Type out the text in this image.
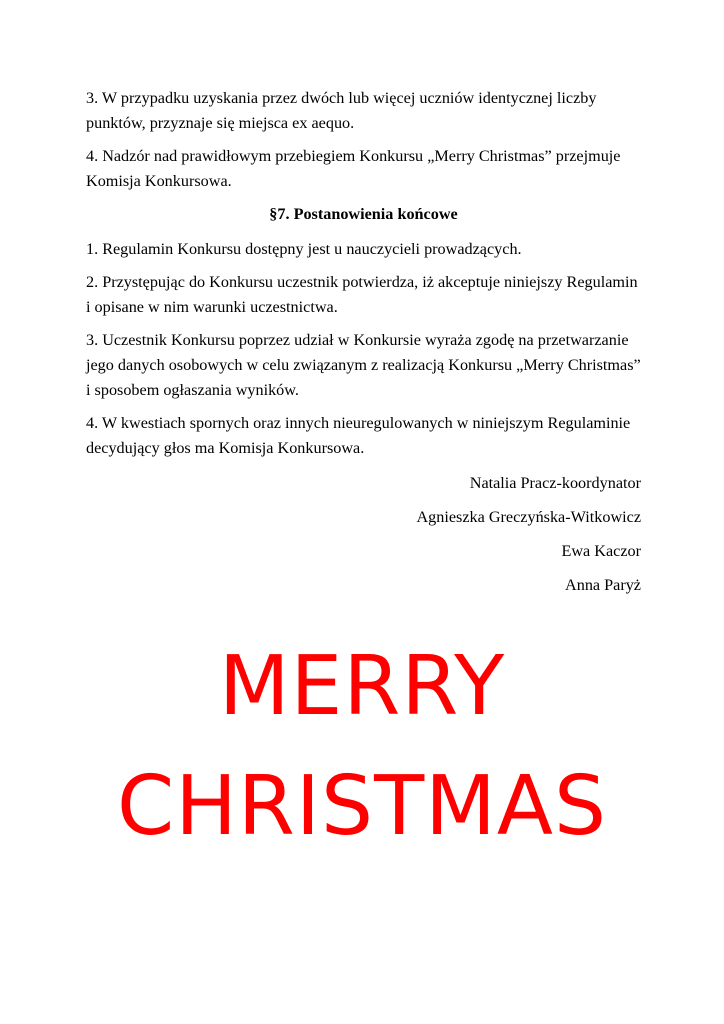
3. W przypadku uzyskania przez dwóch lub więcej uczniów identycznej liczby punktów, przyznaje się miejsca ex aequo.

4. Nadzór nad prawidłowym przebiegiem Konkursu „Merry Christmas” przejmuje Komisja Konkursowa.

§7. Postanowienia końcowe

1. Regulamin Konkursu dostępny jest u nauczycieli prowadzących.

2. Przystępując do Konkursu uczestnik potwierdza, iż akceptuje niniejszy Regulamin i opisane w nim warunki uczestnictwa.

3. Uczestnik Konkursu poprzez udział w Konkursie wyraża zgodę na przetwarzanie jego danych osobowych w celu związanym z realizacją Konkursu „Merry Christmas” i sposobem ogłaszania wyników.

4. W kwestiach spornych oraz innych nieuregulowanych w niniejszym Regulaminie decydujący głos ma Komisja Konkursowa.

Natalia Pracz-koordynator

Agnieszka Greczyńska-Witkowicz

Ewa Kaczor

Anna Paryż

MERRY

CHRISTMAS
